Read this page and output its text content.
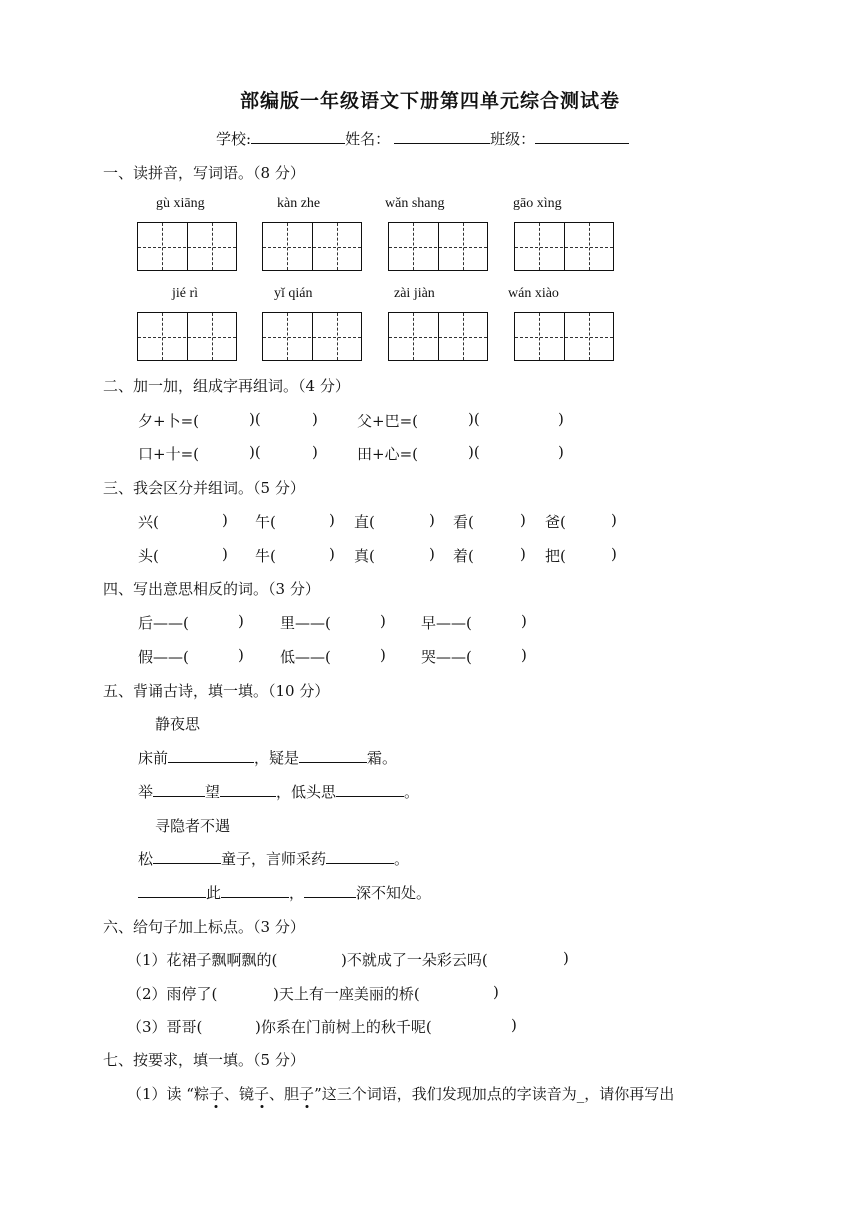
部编版一年级语文下册第四单元综合测试卷
学校:	姓名：	班级：
一、读拼音，写词语。（8 分）
gù xiāng	kàn zhe	wǎn shang	gāo xìng
jié rì	yǐ qián	zài jiàn	wán xiào
二、加一加，组成字再组词。（4 分）
夕+卜=(	)(	)	父+巴=(	)(	)
口+十=(	)(	)	田+心=(	)(	)
三、我会区分并组词。（5 分）
兴(	) 午(	) 直(	) 看(	) 爸(	)
头(	) 牛(	) 真(	) 着(	) 把(	)
四、写出意思相反的词。（3 分）
后——(	) 里——(	) 早——(	)
假——(	) 低——(	) 哭——(	)
五、背诵古诗，填一填。（10 分）
静夜思
床前	，疑是	霜。
举	望	，低头思	。
寻隐者不遇
松	童子，言师采药	。
此	，	深不知处。
六、给句子加上标点。（3 分）
（1）花裙子飘啊飘的(	)不就成了一朵彩云吗(	)
（2）雨停了(	)天上有一座美丽的桥(	)
（3）哥哥(	)你系在门前树上的秋千呢(	)
七、按要求，填一填。（5 分）
（1）读 “粽子、镜子、胆子”这三个词语，我们发现加点的字读音为_，请你再写出
